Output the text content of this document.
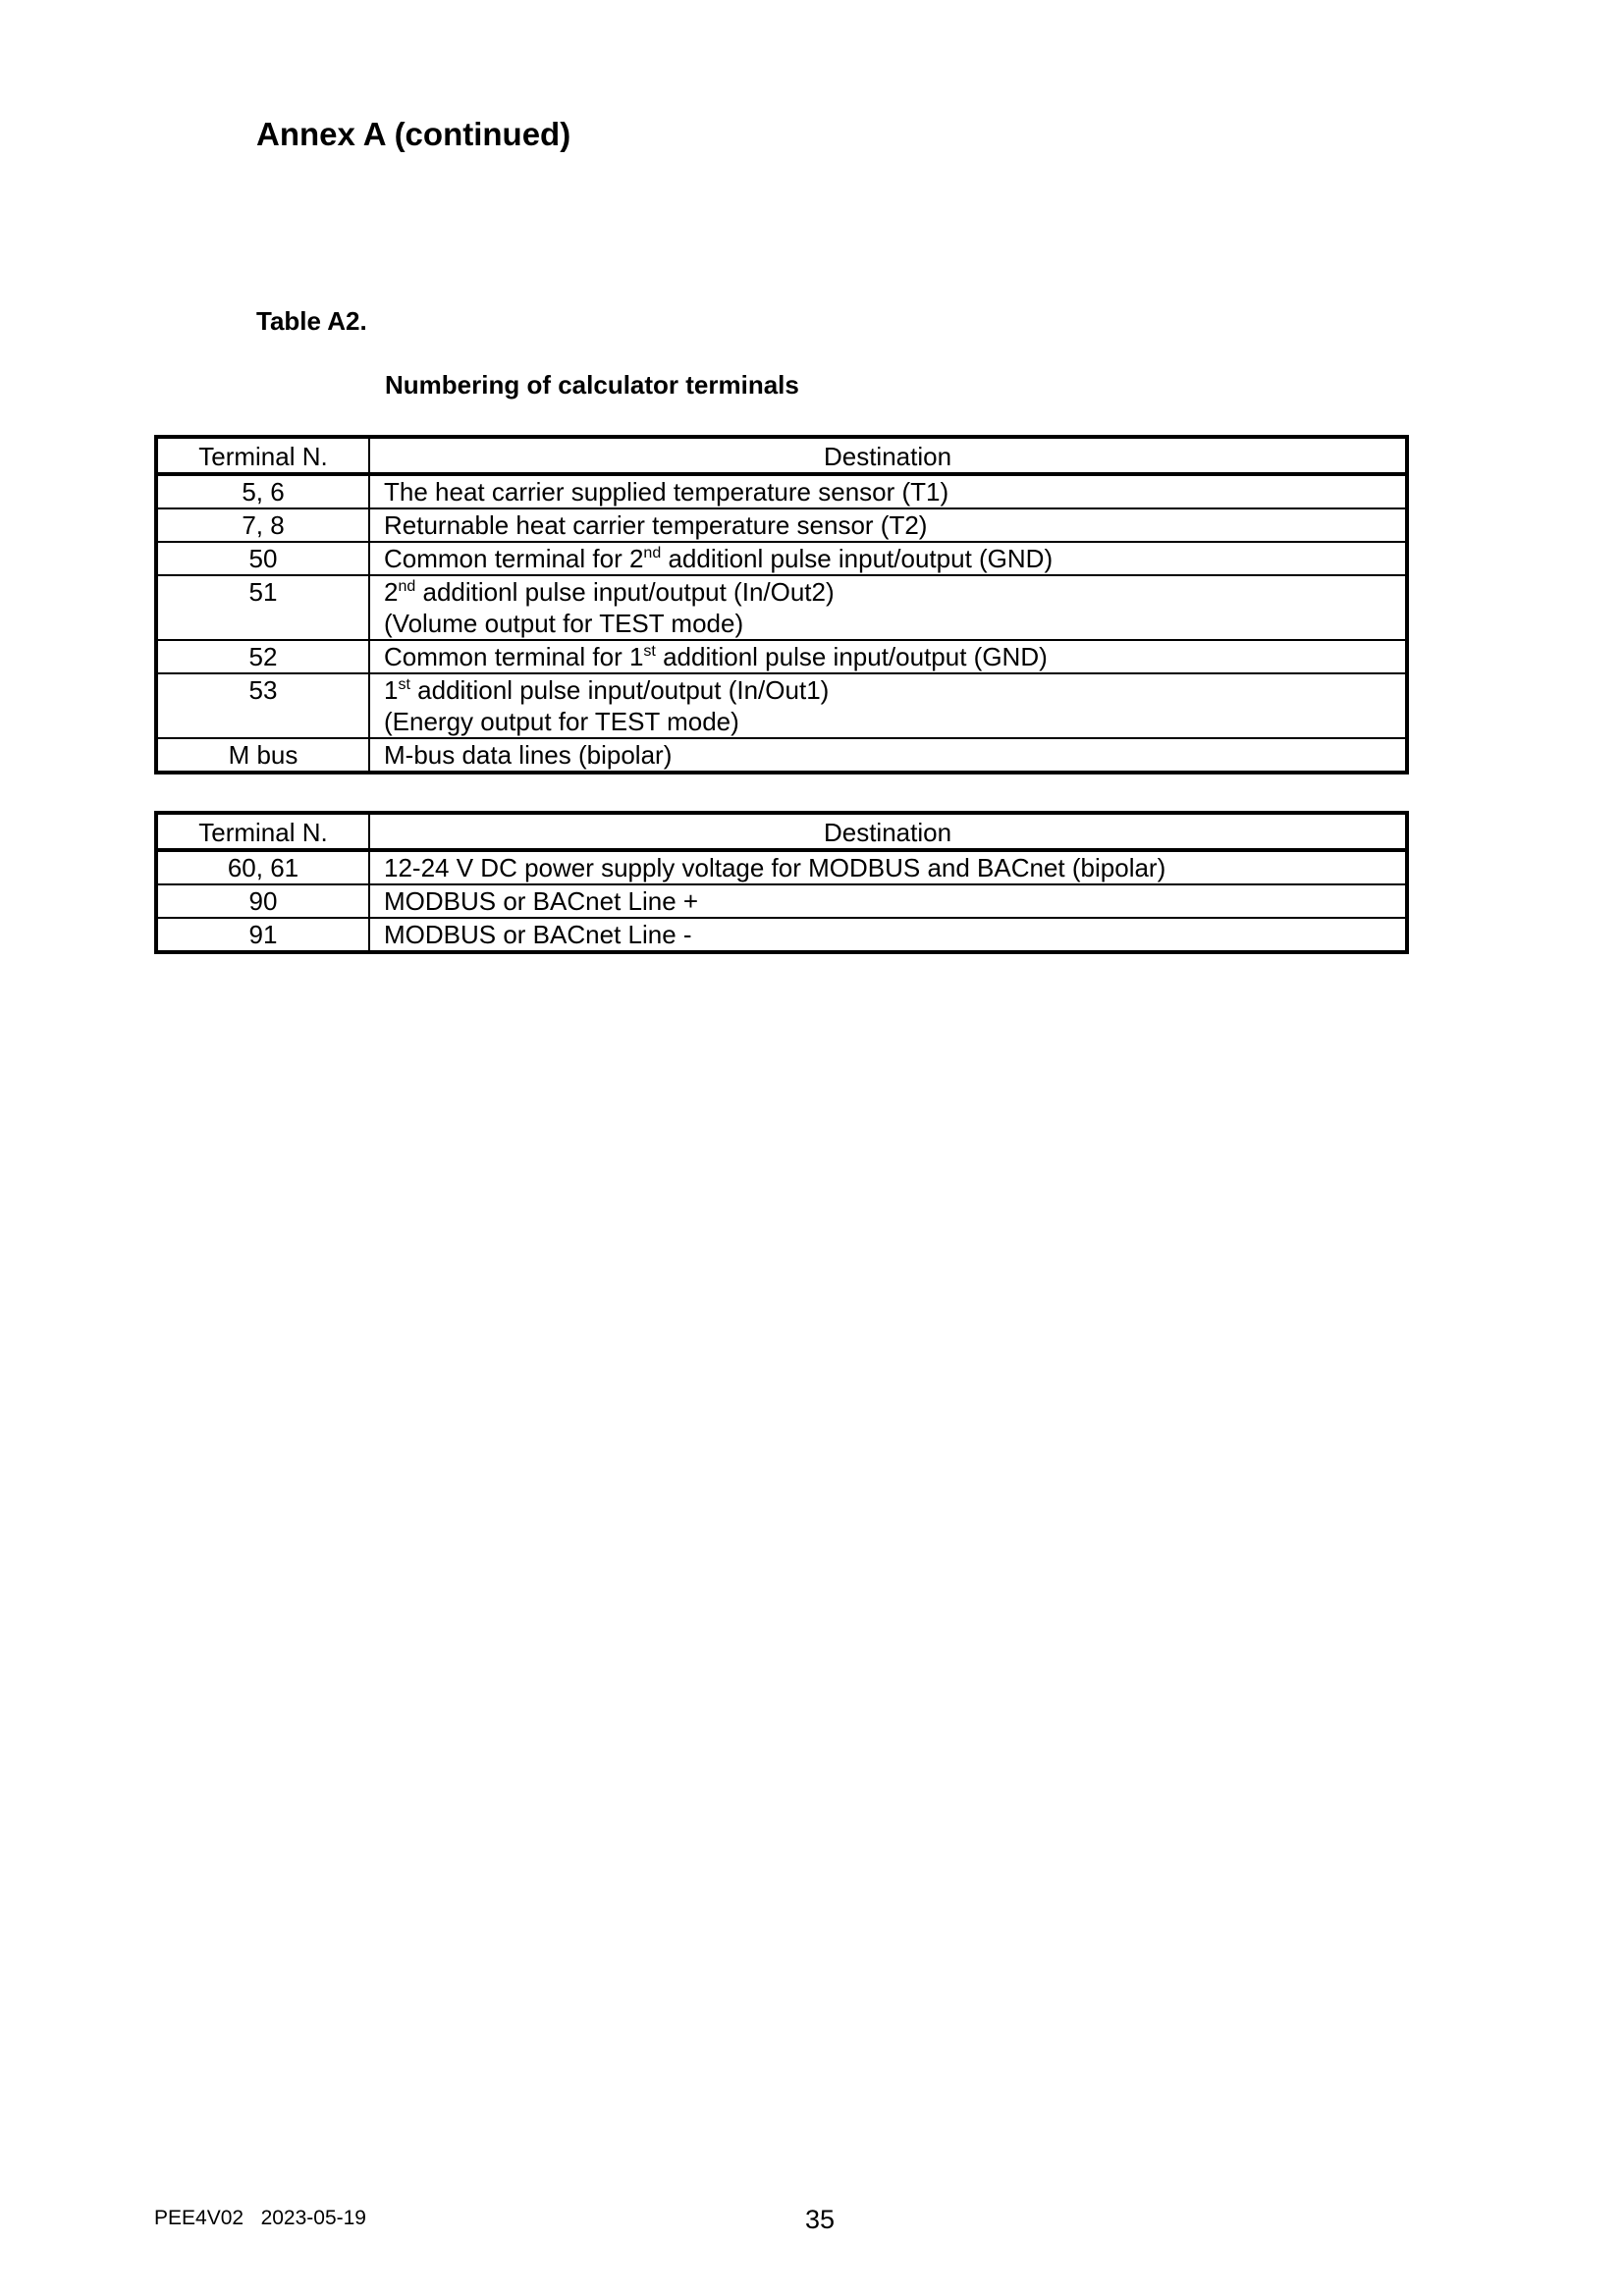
Annex A (continued)

Table A2.

Numbering of calculator terminals

Terminal N.	Destination
5, 6	The heat carrier supplied temperature sensor (T1)
7, 8	Returnable heat carrier temperature sensor (T2)
50	Common terminal for 2nd additionl pulse input/output (GND)
51	2nd additionl pulse input/output (In/Out2)
(Volume output for TEST mode)
52	Common terminal for 1st additionl pulse input/output (GND)
53	1st additionl pulse input/output (In/Out1)
(Energy output for TEST mode)
M bus	M-bus data lines (bipolar)
Terminal N.	Destination
60, 61	12-24 V DC power supply voltage for MODBUS and BACnet (bipolar)
90	MODBUS or BACnet Line +
91	MODBUS or BACnet Line -
PEE4V02   2023-05-19	35
